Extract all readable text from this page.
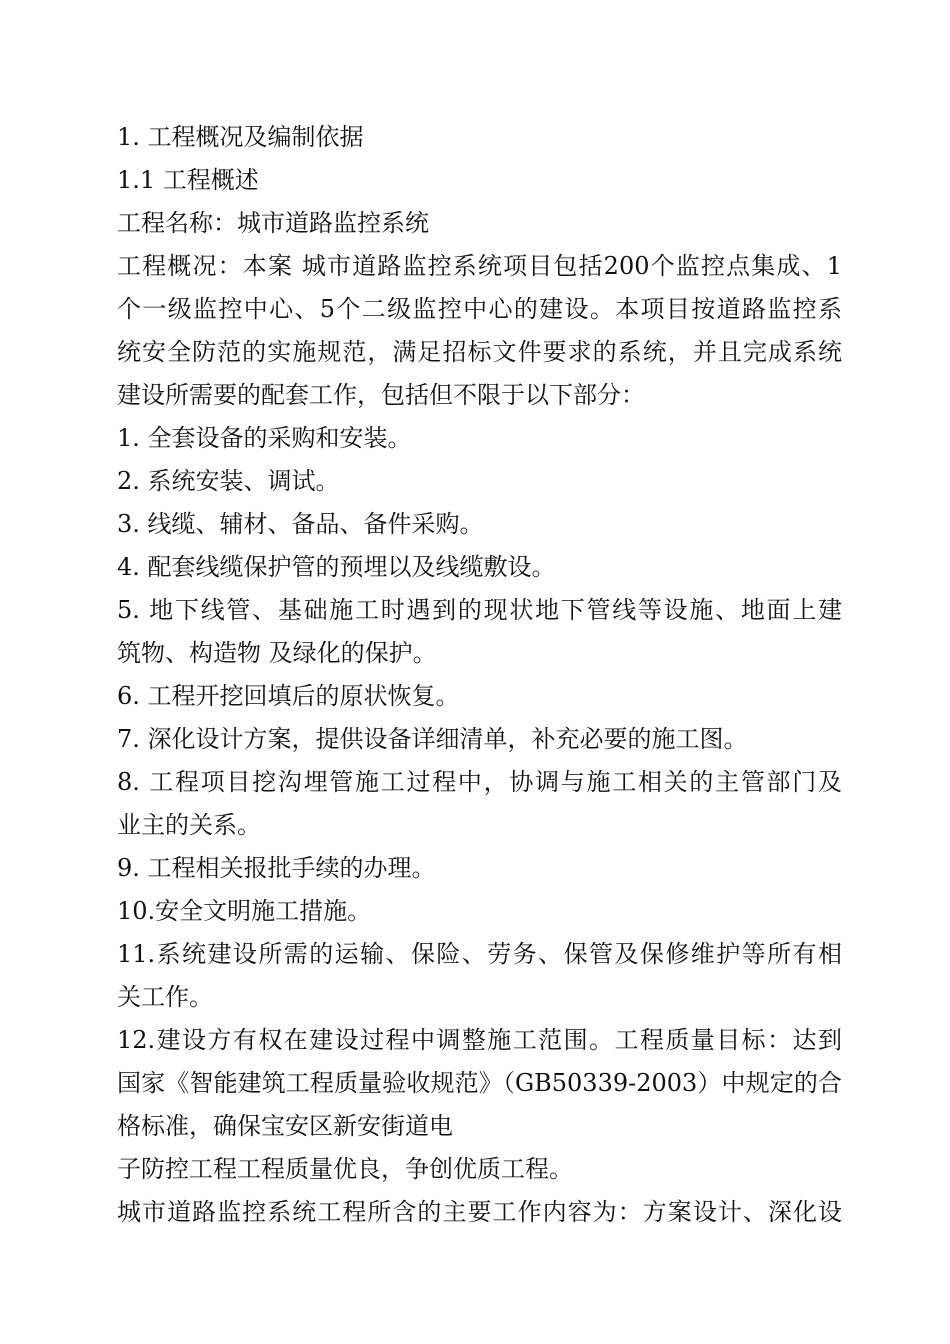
1. 工程概况及编制依据
1.1 工程概述
工程名称：城市道路监控系统
工程概况：本案 城市道路监控系统项目包括200个监控点集成、1
个一级监控中心、5个二级监控中心的建设。本项目按道路监控系
统安全防范的实施规范，满足招标文件要求的系统，并且完成系统
建设所需要的配套工作，包括但不限于以下部分：
1. 全套设备的采购和安装。
2. 系统安装、调试。
3. 线缆、辅材、备品、备件采购。
4. 配套线缆保护管的预埋以及线缆敷设。
5. 地下线管、基础施工时遇到的现状地下管线等设施、地面上建
筑物、构造物 及绿化的保护。
6. 工程开挖回填后的原状恢复。
7. 深化设计方案，提供设备详细清单，补充必要的施工图。
8. 工程项目挖沟埋管施工过程中，协调与施工相关的主管部门及
业主的关系。
9. 工程相关报批手续的办理。
10.安全文明施工措施。
11.系统建设所需的运输、保险、劳务、保管及保修维护等所有相
关工作。
12.建设方有权在建设过程中调整施工范围。工程质量目标：达到
国家《智能建筑工程质量验收规范》（GB50339-2003）中规定的合
格标准，确保宝安区新安街道电
子防控工程工程质量优良，争创优质工程。
城市道路监控系统工程所含的主要工作内容为：方案设计、深化设
